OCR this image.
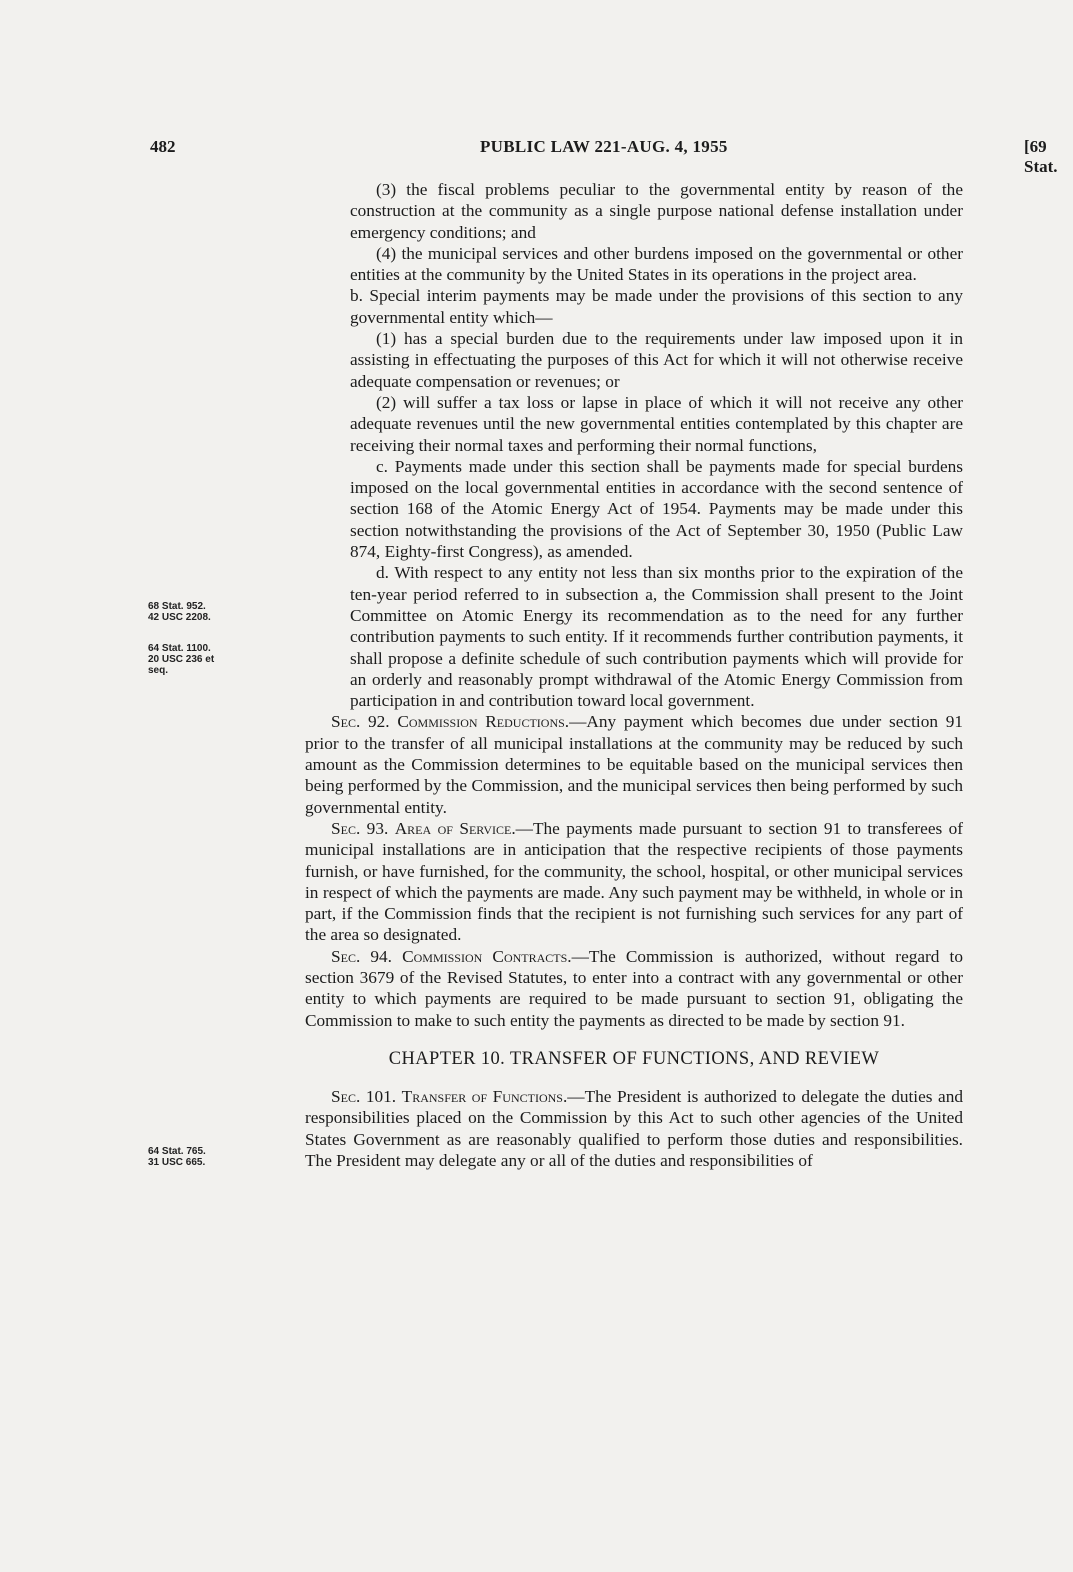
482	PUBLIC LAW 221-AUG. 4, 1955	[69 Stat.
68 Stat. 952.
42 USC 2208.
64 Stat. 1100.
20 USC 236 et
seq.
64 Stat. 765.
31 USC 665.

(3) the fiscal problems peculiar to the governmental entity by reason of the construction at the community as a single purpose national defense installation under emergency conditions; and

(4) the municipal services and other burdens imposed on the governmental or other entities at the community by the United States in its operations in the project area.

b. Special interim payments may be made under the provisions of this section to any governmental entity which—

(1) has a special burden due to the requirements under law imposed upon it in assisting in effectuating the purposes of this Act for which it will not otherwise receive adequate compensation or revenues; or

(2) will suffer a tax loss or lapse in place of which it will not receive any other adequate revenues until the new governmental entities contemplated by this chapter are receiving their normal taxes and performing their normal functions,

c. Payments made under this section shall be payments made for special burdens imposed on the local governmental entities in accordance with the second sentence of section 168 of the Atomic Energy Act of 1954. Payments may be made under this section notwithstanding the provisions of the Act of September 30, 1950 (Public Law 874, Eighty-first Congress), as amended.

d. With respect to any entity not less than six months prior to the expiration of the ten-year period referred to in subsection a, the Commission shall present to the Joint Committee on Atomic Energy its recommendation as to the need for any further contribution payments to such entity. If it recommends further contribution payments, it shall propose a definite schedule of such contribution payments which will provide for an orderly and reasonably prompt withdrawal of the Atomic Energy Commission from participation in and contribution toward local government.

Sec. 92. Commission Reductions.—Any payment which becomes due under section 91 prior to the transfer of all municipal installations at the community may be reduced by such amount as the Commission determines to be equitable based on the municipal services then being performed by the Commission, and the municipal services then being performed by such governmental entity.

Sec. 93. Area of Service.—The payments made pursuant to section 91 to transferees of municipal installations are in anticipation that the respective recipients of those payments furnish, or have furnished, for the community, the school, hospital, or other municipal services in respect of which the payments are made. Any such payment may be withheld, in whole or in part, if the Commission finds that the recipient is not furnishing such services for any part of the area so designated.

Sec. 94. Commission Contracts.—The Commission is authorized, without regard to section 3679 of the Revised Statutes, to enter into a contract with any governmental or other entity to which payments are required to be made pursuant to section 91, obligating the Commission to make to such entity the payments as directed to be made by section 91.

CHAPTER 10. TRANSFER OF FUNCTIONS, AND REVIEW

Sec. 101. Transfer of Functions.—The President is authorized to delegate the duties and responsibilities placed on the Commission by this Act to such other agencies of the United States Government as are reasonably qualified to perform those duties and responsibilities. The President may delegate any or all of the duties and responsibilities of
